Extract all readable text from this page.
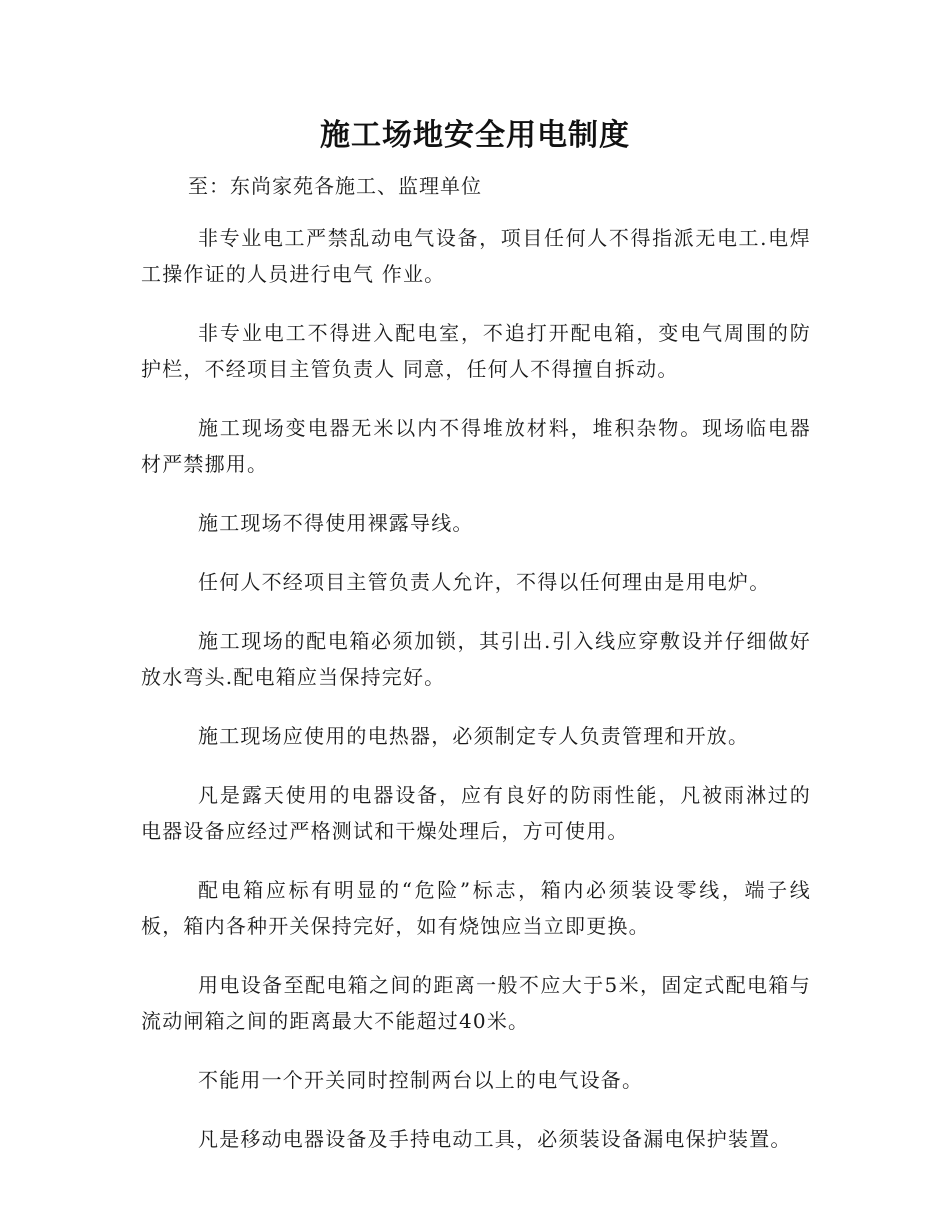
施工场地安全用电制度
至：东尚家苑各施工、监理单位

非专业电工严禁乱动电气设备，项目任何人不得指派无电工.电焊工操作证的人员进行电气 作业。

非专业电工不得进入配电室，不追打开配电箱，变电气周围的防护栏，不经项目主管负责人 同意，任何人不得擅自拆动。

施工现场变电器无米以内不得堆放材料，堆积杂物。现场临电器材严禁挪用。

施工现场不得使用裸露导线。

任何人不经项目主管负责人允许，不得以任何理由是用电炉。

施工现场的配电箱必须加锁，其引出.引入线应穿敷设并仔细做好放水弯头.配电箱应当保持完好。

施工现场应使用的电热器，必须制定专人负责管理和开放。

凡是露天使用的电器设备，应有良好的防雨性能，凡被雨淋过的电器设备应经过严格测试和干燥处理后，方可使用。

配电箱应标有明显的“危险”标志，箱内必须装设零线，端子线板，箱内各种开关保持完好，如有烧蚀应当立即更换。

用电设备至配电箱之间的距离一般不应大于5米，固定式配电箱与流动闸箱之间的距离最大不能超过40米。

不能用一个开关同时控制两台以上的电气设备。

凡是移动电器设备及手持电动工具，必须装设备漏电保护装置。
